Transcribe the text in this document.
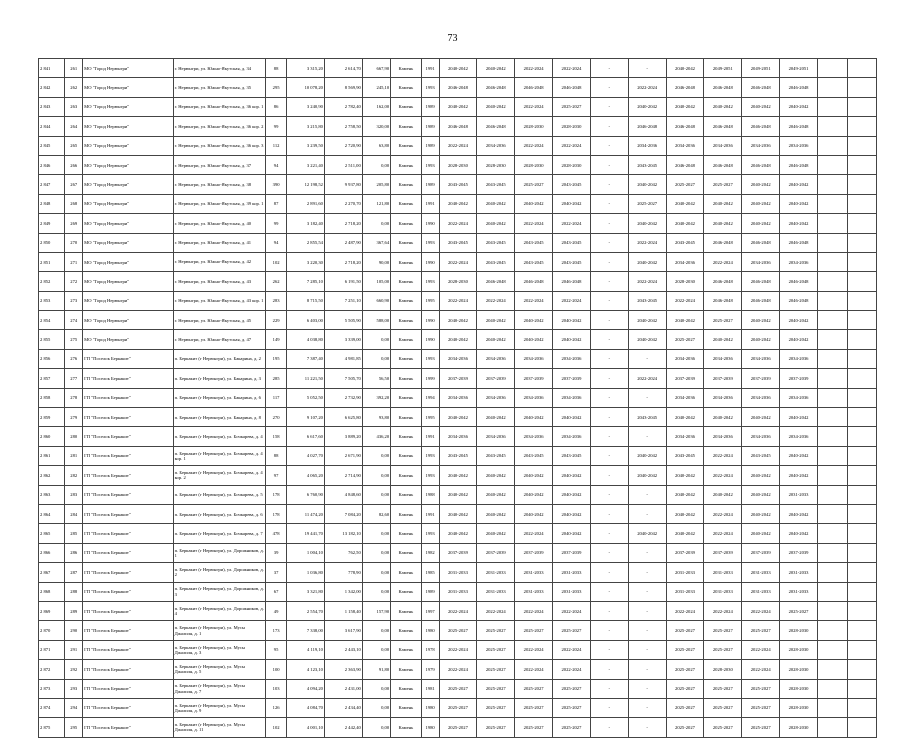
73
2 841	261	МО "Город Нерюнгри"	г. Нерюнгри, ул. Южно-Якутская, д. 34	88	3 315,20	2 614,70	667,90	Камень	1991	2040-2042	2040-2042	2022-2024	2022-2024	-	-	2040-2042	2049-2051	2049-2051	2049-2051		
2 842	262	МО "Город Нерюнгри"	г. Нерюнгри, ул. Южно-Якутская, д. 35	295	10 078,20	8 569,90	245,10	Камень	1993	2046-2048	2046-2048	2046-2048	2046-2048	-	2022-2024	2046-2048	2046-2048	2046-2048	2046-2048		
2 843	263	МО "Город Нерюнгри"	г. Нерюнгри, ул. Южно-Якутская, д. 36 кор. 1	86	3 240,90	2 782,40	162,00	Камень	1989	2040-2042	2040-2042	2022-2024	2025-2027	-	2040-2042	2040-2042	2040-2042	2040-2042	2040-2042		
2 844	264	МО "Город Нерюнгри"	г. Нерюнгри, ул. Южно-Якутская, д. 36 кор. 2	99	3 215,80	2 758,50	320,00	Камень	1989	2046-2048	2046-2048	2028-2030	2028-2030	-	2046-2048	2046-2048	2046-2048	2046-2048	2046-2048		
2 845	265	МО "Город Нерюнгри"	г. Нерюнгри, ул. Южно-Якутская, д. 36 кор. 3	112	3 239,50	2 720,90	63,80	Камень	1989	2022-2024	2034-2036	2022-2024	2022-2024	-	2034-2036	2034-2036	2034-2036	2034-2036	2034-2036		
2 846	266	МО "Город Нерюнгри"	г. Нерюнгри, ул. Южно-Якутская, д. 37	94	3 221,40	2 511,00	0,00	Камень	1993	2028-2030	2028-2030	2028-2030	2028-2030	-	2043-2045	2046-2048	2046-2048	2046-2048	2046-2048		
2 847	267	МО "Город Нерюнгри"	г. Нерюнгри, ул. Южно-Якутская, д. 38	390	12 198,52	9 937,80	205,80	Камень	1989	2043-2045	2043-2045	2025-2027	2043-2045	-	2040-2042	2025-2027	2025-2027	2040-2042	2040-2042		
2 848	268	МО "Город Нерюнгри"	г. Нерюнгри, ул. Южно-Якутская, д. 39 кор. 1	87	2 891,60	2 270,70	121,80	Камень	1991	2040-2042	2040-2042	2040-2042	2040-2042	-	2025-2027	2040-2042	2040-2042	2040-2042	2040-2042		
2 849	269	МО "Город Нерюнгри"	г. Нерюнгри, ул. Южно-Якутская, д. 40	99	3 182,40	2 718,20	0,00	Камень	1990	2022-2024	2040-2042	2022-2024	2022-2024	-	2040-2042	2040-2042	2040-2042	2040-2042	2040-2042		
2 850	270	МО "Город Нерюнгри"	г. Нерюнгри, ул. Южно-Якутская, д. 41	94	2 855,54	2 487,90	367,64	Камень	1993	2043-2045	2043-2045	2043-2045	2043-2045	-	2022-2024	2043-2045	2046-2048	2046-2048	2046-2048		
2 851	271	МО "Город Нерюнгри"	г. Нерюнгри, ул. Южно-Якутская, д. 42	102	3 220,30	2 718,20	90,00	Камень	1990	2022-2024	2043-2045	2043-2045	2043-2045	-	2040-2042	2034-2036	2022-2024	2034-2036	2034-2036		
2 852	272	МО "Город Нерюнгри"	г. Нерюнгри, ул. Южно-Якутская, д. 43	262	7 285,10	6 191,50	105,00	Камень	1993	2028-2030	2046-2048	2046-2048	2046-2048	-	2022-2024	2028-2030	2046-2048	2046-2048	2046-2048		
2 853	273	МО "Город Нерюнгри"	г. Нерюнгри, ул. Южно-Якутская, д. 43 кор. 1	283	8 715,50	7 251,10	660,90	Камень	1995	2022-2024	2022-2024	2022-2024	2022-2024	-	2043-2045	2022-2024	2046-2048	2046-2048	2046-2048		
2 854	274	МО "Город Нерюнгри"	г. Нерюнгри, ул. Южно-Якутская, д. 45	229	6 403,00	5 505,90	588,00	Камень	1990	2040-2042	2040-2042	2040-2042	2040-2042	-	2040-2042	2040-2042	2025-2027	2040-2042	2040-2042		
2 855	275	МО "Город Нерюнгри"	г. Нерюнгри, ул. Южно-Якутская, д. 47	149	4 038,80	3 339,00	0,00	Камень	1990	2040-2042	2040-2042	2040-2042	2040-2042	-	2040-2042	2025-2027	2040-2042	2040-2042	2040-2042		
2 856	276	ГП "Поселок Беркакит"	п. Беркакит (г Нерюнгри), ул. Бакарина, д. 2	195	7 387,40	4 981,85	0,00	Камень	1993	2034-2036	2034-2036	2034-2036	2034-2036	-	-	2034-2036	2034-2036	2034-2036	2034-2036		
2 857	277	ГП "Поселок Беркакит"	п. Беркакит (г Нерюнгри), ул. Бакарина, д. 3	285	11 221,50	7 505,70	56,50	Камень	1999	2037-2039	2037-2039	2037-2039	2037-2039	-	2022-2024	2037-2039	2037-2039	2037-2039	2037-2039		
2 858	278	ГП "Поселок Беркакит"	п. Беркакит (г Нерюнгри), ул. Бакарина, д. 6	117	5 052,50	2 732,90	392,20	Камень	1994	2034-2036	2034-2036	2034-2036	2034-2036	-	-	2034-2036	2034-2036	2034-2036	2034-2036		
2 859	279	ГП "Поселок Беркакит"	п. Беркакит (г Нерюнгри), ул. Бакарина, д. 8	270	9 107,20	6 625,80	93,80	Камень	1995	2040-2042	2040-2042	2040-2042	2040-2042	-	2043-2045	2040-2042	2040-2042	2040-2042	2040-2042		
2 860	280	ГП "Поселок Беркакит"	п. Беркакит (г Нерюнгри), ул. Бочкарева, д. 4	158	6 617,60	3 889,20	436,20	Камень	1991	2034-2036	2034-2036	2034-2036	2034-2036	-	-	2034-2036	2034-2036	2034-2036	2034-2036		
2 861	281	ГП "Поселок Беркакит"	п. Беркакит (г Нерюнгри), ул. Бочкарева, д. 4 кор. 1	88	4 027,70	2 671,90	0,00	Камень	1993	2043-2045	2043-2045	2043-2045	2043-2045	-	2040-2042	2043-2045	2022-2024	2043-2045	2040-2042		
2 862	282	ГП "Поселок Беркакит"	п. Беркакит (г Нерюнгри), ул. Бочкарева, д. 4 кор. 2	97	4 065,20	2 714,90	0,00	Камень	1993	2040-2042	2040-2042	2040-2042	2040-2042	-	2040-2042	2040-2042	2022-2024	2040-2042	2040-2042		
2 863	283	ГП "Поселок Беркакит"	п. Беркакит (г Нерюнгри), ул. Бочкарева, д. 5	178	6 760,90	4 848,60	0,00	Камень	1988	2040-2042	2040-2042	2040-2042	2040-2042	-	-	2040-2042	2040-2042	2040-2042	2031-2033		
2 864	284	ГП "Поселок Беркакит"	п. Беркакит (г Нерюнгри), ул. Бочкарева, д. 6	178	11 474,20	7 084,20	82,60	Камень	1991	2040-2042	2040-2042	2040-2042	2040-2042	-	-	2040-2042	2022-2024	2040-2042	2040-2042		
2 865	285	ГП "Поселок Беркакит"	п. Беркакит (г Нерюнгри), ул. Бочкарева, д. 7	478	19 441,70	13 182,10	0,00	Камень	1993	2040-2042	2040-2042	2022-2024	2040-2042	-	2040-2042	2040-2042	2022-2024	2040-2042	2040-2042		
2 866	286	ГП "Поселок Беркакит"	п. Беркакит (г Нерюнгри), ул. Дорожников, д. 1	39	1 004,10	762,50	0,00	Камень	1982	2037-2039	2037-2039	2037-2039	2037-2039	-	-	2037-2039	2037-2039	2037-2039	2037-2039		
2 867	287	ГП "Поселок Беркакит"	п. Беркакит (г Нерюнгри), ул. Дорожников, д. 2	37	1 036,80	778,90	0,00	Камень	1985	2031-2033	2031-2033	2031-2033	2031-2033	-	-	2031-2033	2031-2033	2031-2033	2031-2033		
2 868	288	ГП "Поселок Беркакит"	п. Беркакит (г Нерюнгри), ул. Дорожников, д. 3	67	3 321,80	1 342,00	0,00	Камень	1989	2031-2033	2031-2033	2031-2033	2031-2033	-	-	2031-2033	2031-2033	2031-2033	2031-2033		
2 869	289	ГП "Поселок Беркакит"	п. Беркакит (г Нерюнгри), ул. Дорожников, д. 4	49	2 554,70	1 158,40	157,90	Камень	1997	2022-2024	2022-2024	2022-2024	2022-2024	-	-	2022-2024	2022-2024	2022-2024	2025-2027		
2 870	290	ГП "Поселок Беркакит"	п. Беркакит (г Нерюнгри), ул. Мусы Джалиля, д. 1	173	7 338,00	3 617,90	0,00	Камень	1980	2025-2027	2025-2027	2025-2027	2025-2027	-	-	2025-2027	2025-2027	2025-2027	2028-2030		
2 871	291	ГП "Поселок Беркакит"	п. Беркакит (г Нерюнгри), ул. Мусы Джалиля, д. 3	95	4 119,10	2 443,10	0,00	Камень	1978	2022-2024	2025-2027	2022-2024	2022-2024	-	-	2025-2027	2025-2027	2022-2024	2028-2030		
2 872	292	ГП "Поселок Беркакит"	п. Беркакит (г Нерюнгри), ул. Мусы Джалиля, д. 5	100	4 123,10	2 363,90	91,80	Камень	1979	2022-2024	2025-2027	2022-2024	2022-2024	-	-	2025-2027	2028-2030	2022-2024	2028-2030		
2 873	293	ГП "Поселок Беркакит"	п. Беркакит (г Нерюнгри), ул. Мусы Джалиля, д. 7	103	4 094,20	2 431,00	0,00	Камень	1981	2025-2027	2025-2027	2025-2027	2025-2027	-	-	2025-2027	2025-2027	2025-2027	2028-2030		
2 874	294	ГП "Поселок Беркакит"	п. Беркакит (г Нерюнгри), ул. Мусы Джалиля, д. 9	126	4 084,70	2 434,40	0,00	Камень	1980	2025-2027	2025-2027	2025-2027	2025-2027	-	-	2025-2027	2025-2027	2025-2027	2028-2030		
2 875	295	ГП "Поселок Беркакит"	п. Беркакит (г Нерюнгри), ул. Мусы Джалиля, д. 11	102	4 001,10	2 442,40	0,00	Камень	1980	2025-2027	2025-2027	2025-2027	2025-2027	-	-	2025-2027	2025-2027	2025-2027	2028-2030		
